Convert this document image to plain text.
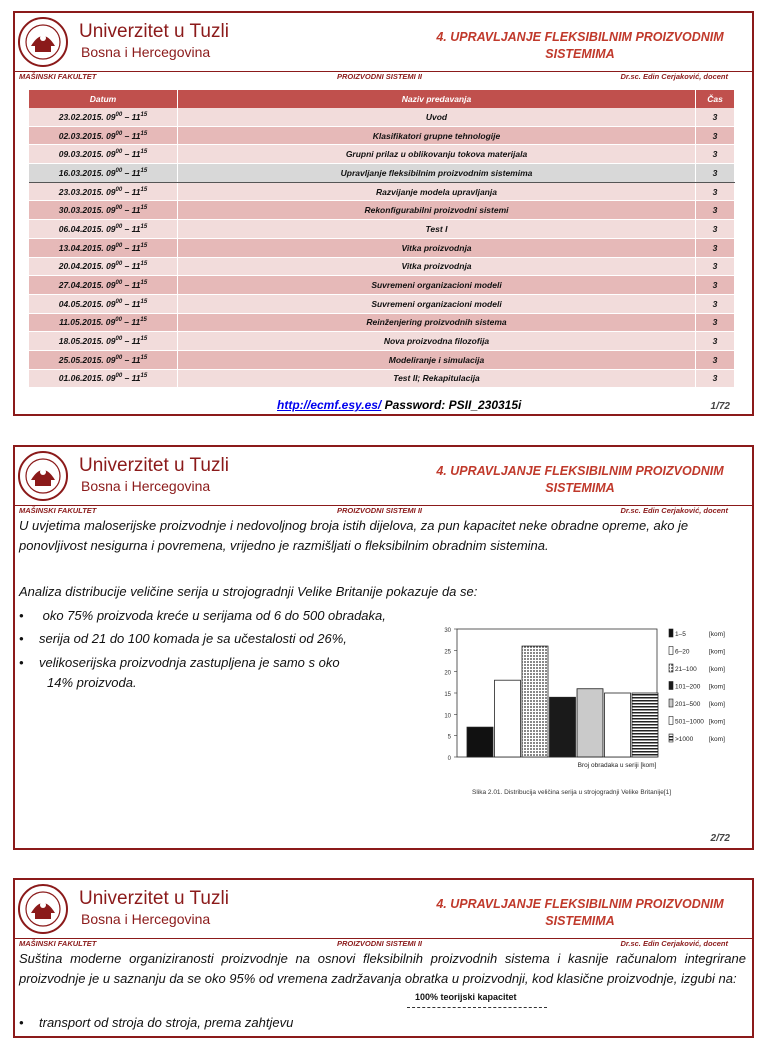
Univerzitet u Tuzli
Bosna i Hercegovina
4. UPRAVLJANJE FLEKSIBILNIM PROIZVODNIM SISTEMIMA
MAŠINSKI FAKULTET	PROIZVODNI SISTEMI II	Dr.sc. Edin Cerjaković, docent
Datum	Naziv predavanja	Čas
23.02.2015. $09^{00} - 11^{15}$	Uvod	3
02.03.2015. $09^{00} - 11^{15}$	Klasifikatori grupne tehnologije	3
09.03.2015. $09^{00} - 11^{15}$	Grupni prilaz u oblikovanju tokova materijala	3
16.03.2015. $09^{00} - 11^{15}$	Upravljanje fleksibilnim proizvodnim sistemima	3
23.03.2015. $09^{00} - 11^{15}$	Razvijanje modela upravljanja	3
30.03.2015. $09^{00} - 11^{15}$	Rekonfigurabilni proizvodni sistemi	3
06.04.2015. $09^{00} - 11^{15}$	Test I	3
13.04.2015. $09^{00} - 11^{15}$	Vitka proizvodnja	3
20.04.2015. $09^{00} - 11^{15}$	Vitka proizvodnja	3
27.04.2015. $09^{00} - 11^{15}$	Suvremeni organizacioni modeli	3
04.05.2015. $09^{00} - 11^{15}$	Suvremeni organizacioni modeli	3
11.05.2015. $09^{00} - 11^{15}$	Reinženjering proizvodnih sistema	3
18.05.2015. $09^{00} - 11^{15}$	Nova proizvodna filozofija	3
25.05.2015. $09^{00} - 11^{15}$	Modeliranje i simulacija	3
01.06.2015. $09^{00} - 11^{15}$	Test II; Rekapitulacija	3
http://ecmf.esy.es/ Password: PSII_230315i	1/72
Univerzitet u Tuzli
Bosna i Hercegovina
4. UPRAVLJANJE FLEKSIBILNIM PROIZVODNIM SISTEMIMA
MAŠINSKI FAKULTET	PROIZVODNI SISTEMI II	Dr.sc. Edin Cerjaković, docent
U uvjetima maloserijske proizvodnje i nedovoljnog broja istih dijelova, za pun kapacitet neke obradne opreme, ako je ponovljivost nesigurna i povremena, vrijedno je razmišljati o fleksibilnim obradnim sistemina.
Analiza distribucije veličine serija u strojogradnji Velike Britanije pokazuje da se:
• oko 75% proizvoda kreće u serijama od 6 do 500 obradaka,
• serija od 21 do 100 komada je sa učestalosti od 26%,
• velikoserijska proizvodnja zastupljena je samo s oko
14% proizvoda.
30
25
20
15
10
5
0
Broj obradaka u seriji [kom]
1–5	[kom]
6–20	[kom]
21–100 [kom]
101–200 [kom]
201–500 [kom]
501–1000 [kom]
>1000 [kom]
Slika 2.01. Distribucija veličina serija u strojogradnji Velike Britanije[1]
2/72
Univerzitet u Tuzli
Bosna i Hercegovina
4. UPRAVLJANJE FLEKSIBILNIM PROIZVODNIM SISTEMIMA
MAŠINSKI FAKULTET	PROIZVODNI SISTEMI II	Dr.sc. Edin Cerjaković, docent
Suština moderne organiziranosti proizvodnje na osnovi fleksibilnih proizvodnih sistema i kasnije računalom integrirane proizvodnje je u saznanju da se oko 95% od vremena zadržavanja obratka u proizvodnji, kod klasične proizvodnje, izgubi na:
• transport od stroja do stroja, prema zahtjevu
100% teorijski kapacitet
